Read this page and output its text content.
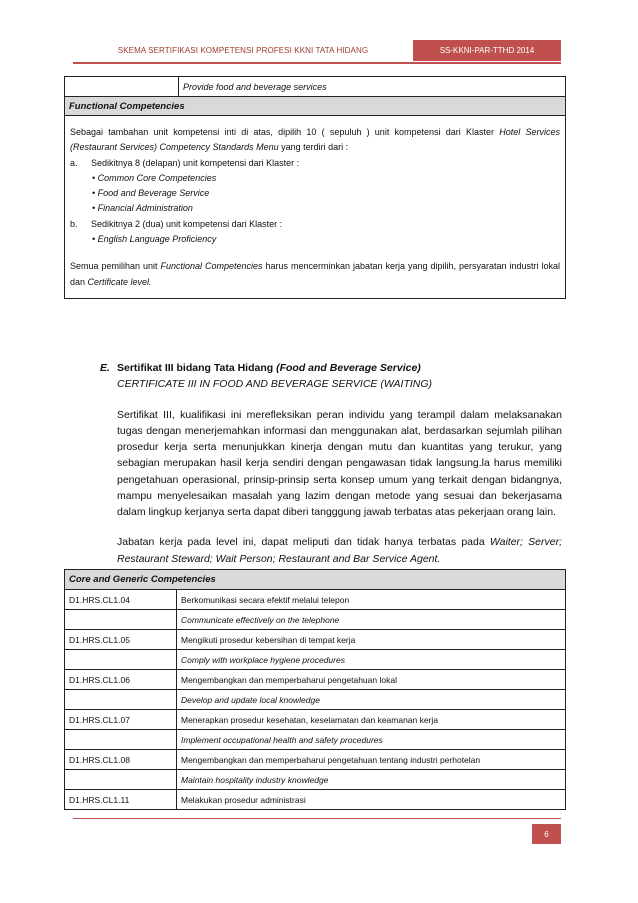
SKEMA SERTIFIKASI KOMPETENSI PROFESI KKNI TATA HIDANG	SS-KKNI-PAR-TTHD 2014
	Provide food and beverage services
Functional Competencies

Sebagai tambahan unit kompetensi inti di atas, dipilih 10 ( sepuluh ) unit kompetensi dari Klaster Hotel Services (Restaurant Services) Competency Standards Menu yang terdiri dari :

a. Sedikitnya 8 (delapan) unit kompetensi dari Klaster :

• Common Core Competencies

• Food and Beverage Service

• Financial Administration

b. Sedikitnya 2 (dua) unit kompetensi dari Klaster :

• English Language Proficiency

Semua pemilihan unit Functional Competencies harus mencerminkan jabatan kerja yang dipilih, persyaratan industri lokal dan Certificate level.

E. Sertifikat III bidang Tata Hidang (Food and Beverage Service)
CERTIFICATE III IN FOOD AND BEVERAGE SERVICE (WAITING)
Sertifikat III, kualifikasi ini merefleksikan peran individu yang terampil dalam melaksanakan tugas dengan menerjemahkan informasi dan menggunakan alat, berdasarkan sejumlah pilihan prosedur kerja serta menunjukkan kinerja dengan mutu dan kuantitas yang terukur, yang sebagian merupakan hasil kerja sendiri dengan pengawasan tidak langsung.la harus memiliki pengetahuan operasional, prinsip-prinsip serta konsep umum yang terkait dengan bidangnya, mampu menyelesaikan masalah yang lazim dengan metode yang sesuai dan bekerjasama dalam lingkup kerjanya serta dapat diberi tangggung jawab terbatas atas pekerjaan orang lain.
Jabatan kerja pada level ini, dapat meliputi dan tidak hanya terbatas pada Waiter; Server; Restaurant Steward; Wait Person; Restaurant and Bar Service Agent.
Core and Generic Competencies	
D1.HRS.CL1.04	Berkomunikasi secara efektif melalui telepon
	Communicate effectively on the telephone
D1.HRS.CL1.05	Mengikuti prosedur kebersihan di tempat kerja
	Comply with workplace hygiene procedures
D1.HRS.CL1.06	Mengembangkan dan memperbaharui pengetahuan lokal
	Develop and update local knowledge
D1.HRS.CL1.07	Menerapkan prosedur kesehatan, keselamatan dan keamanan kerja
	Implement occupational health and safety procedures
D1.HRS.CL1.08	Mengembangkan dan memperbaharui pengetahuan tentang industri perhotelan
	Maintain hospitality industry knowledge
D1.HRS.CL1.11	Melakukan prosedur administrasi
6
